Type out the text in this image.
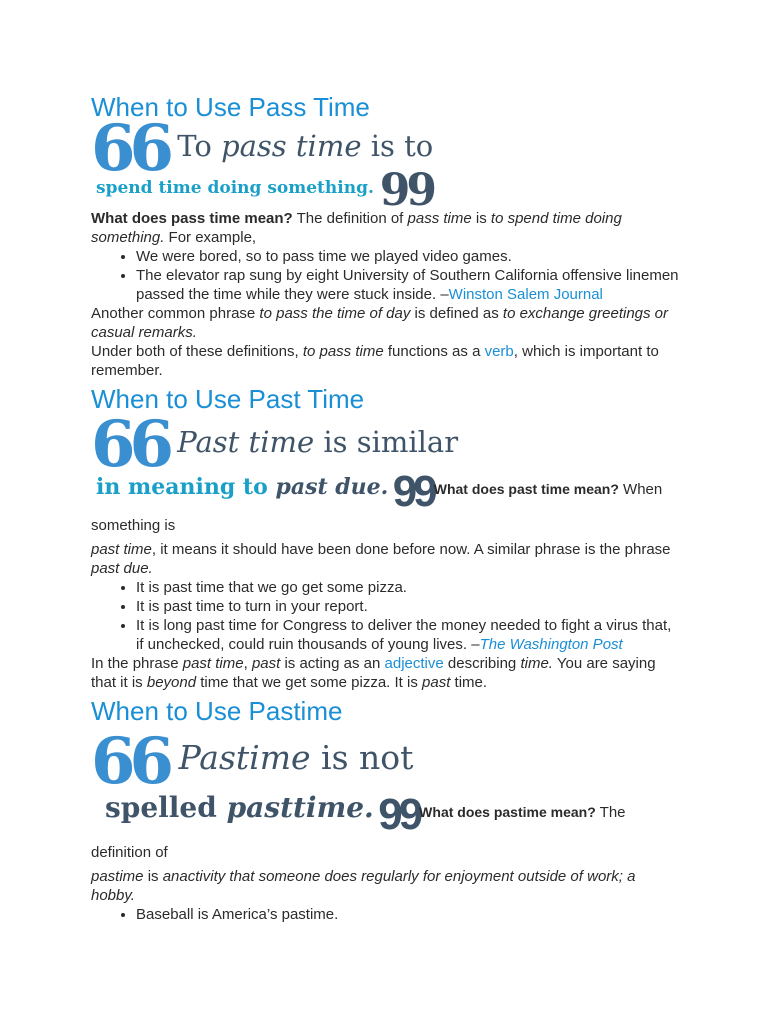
When to Use Pass Time
66 To pass time is to
spend time doing something. 99

What does pass time mean? The definition of pass time is to spend time doing something. For example,

• We were bored, so to pass time we played video games.
• The elevator rap sung by eight University of Southern California offensive linemen passed the time while they were stuck inside. –Winston Salem Journal

Another common phrase to pass the time of day is defined as to exchange greetings or casual remarks.

Under both of these definitions, to pass time functions as a verb, which is important to remember.

When to Use Past Time
66 Past time is similar
in meaning to past due. 99What does past time mean? When something is

past time, it means it should have been done before now. A similar phrase is the phrase past due.

• It is past time that we go get some pizza.
• It is past time to turn in your report.
• It is long past time for Congress to deliver the money needed to fight a virus that, if unchecked, could ruin thousands of young lives. –The Washington Post

In the phrase past time, past is acting as an adjective describing time. You are saying that it is beyond time that we get some pizza. It is past time.

When to Use Pastime
66 Pastime is not
spelled pasttime. 99What does pastime mean? The definition of

pastime is anactivity that someone does regularly for enjoyment outside of work; a hobby.

• Baseball is America’s pastime.
